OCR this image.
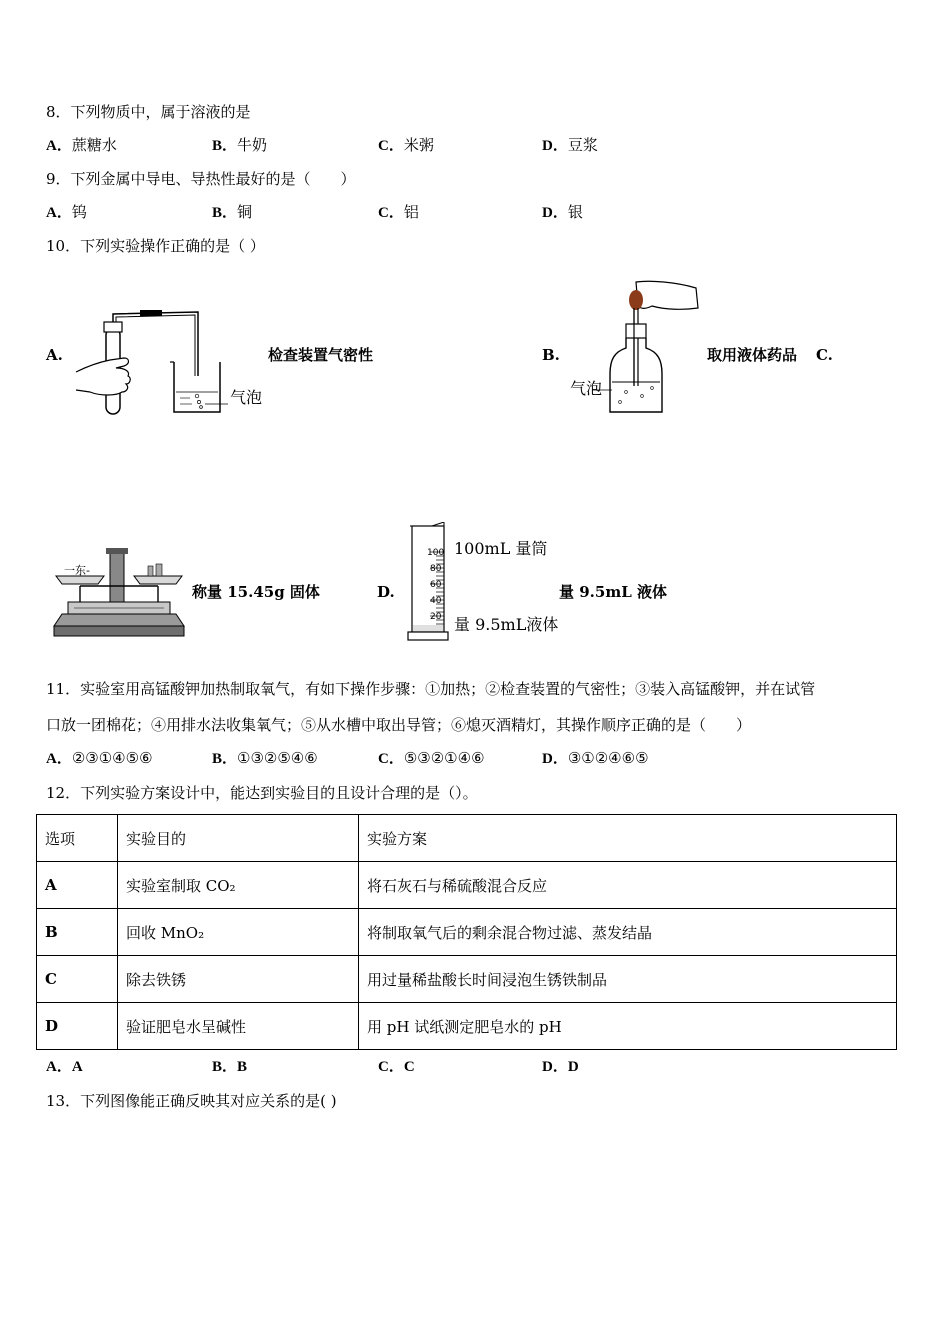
8．下列物质中，属于溶液的是
A．蔗糖水	B．牛奶	C．米粥	D．豆浆
9．下列金属中导电、导热性最好的是（　　）
A．钨	B．铜	C．铝	D．银
10．下列实验操作正确的是（ ）
A.
气泡
检查装置气密性	B.
气泡
取用液体药品 C.
一东-
称量 15.45g 固体	D.
100
80
60
40
20
100mL 量筒
量 9.5mL液体
量 9.5mL 液体
11．实验室用高锰酸钾加热制取氧气，有如下操作步骤：①加热；②检查装置的气密性；③装入高锰酸钾，并在试管
口放一团棉花；④用排水法收集氧气；⑤从水槽中取出导管；⑥熄灭酒精灯，其操作顺序正确的是（　　）
A．②③①④⑤⑥	B．①③②⑤④⑥	C．⑤③②①④⑥	D．③①②④⑥⑤
12．下列实验方案设计中，能达到实验目的且设计合理的是（）。
选项	实验目的	实验方案
A	实验室制取 CO₂	将石灰石与稀硫酸混合反应
B	回收 MnO₂	将制取氧气后的剩余混合物过滤、蒸发结晶
C	除去铁锈	用过量稀盐酸长时间浸泡生锈铁制品
D	验证肥皂水呈碱性	用 pH 试纸测定肥皂水的 pH
A．A	B．B	C．C	D．D
13．下列图像能正确反映其对应关系的是( )
